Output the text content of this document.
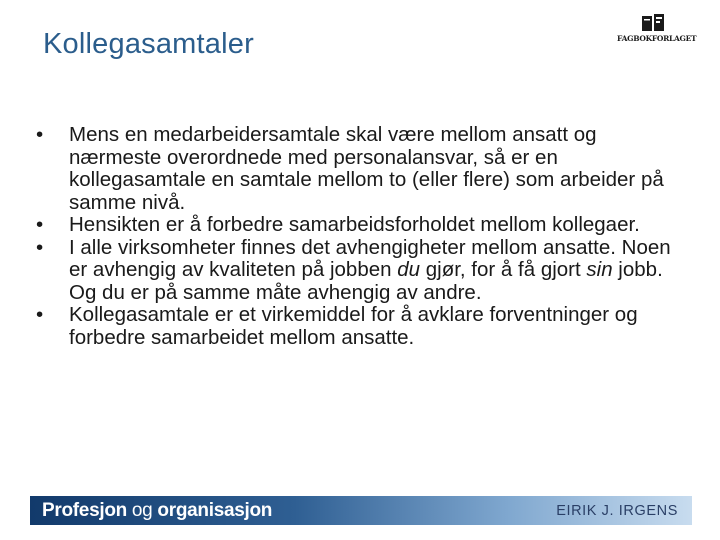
Kollegasamtaler	FAGBOKFORLAGET
• Mens en medarbeidersamtale skal være mellom ansatt og nærmeste overordnede med personalansvar, så er en kollegasamtale en samtale mellom to (eller flere) som arbeider på samme nivå.
• Hensikten er å forbedre samarbeidsforholdet mellom kollegaer.
• I alle virksomheter finnes det avhengigheter mellom ansatte. Noen er avhengig av kvaliteten på jobben du gjør, for å få gjort sin jobb. Og du er på samme måte avhengig av andre.
• Kollegasamtale er et virkemiddel for å avklare forventninger og forbedre samarbeidet mellom ansatte.
Profesjon og organisasjon	EIRIK J. IRGENS
